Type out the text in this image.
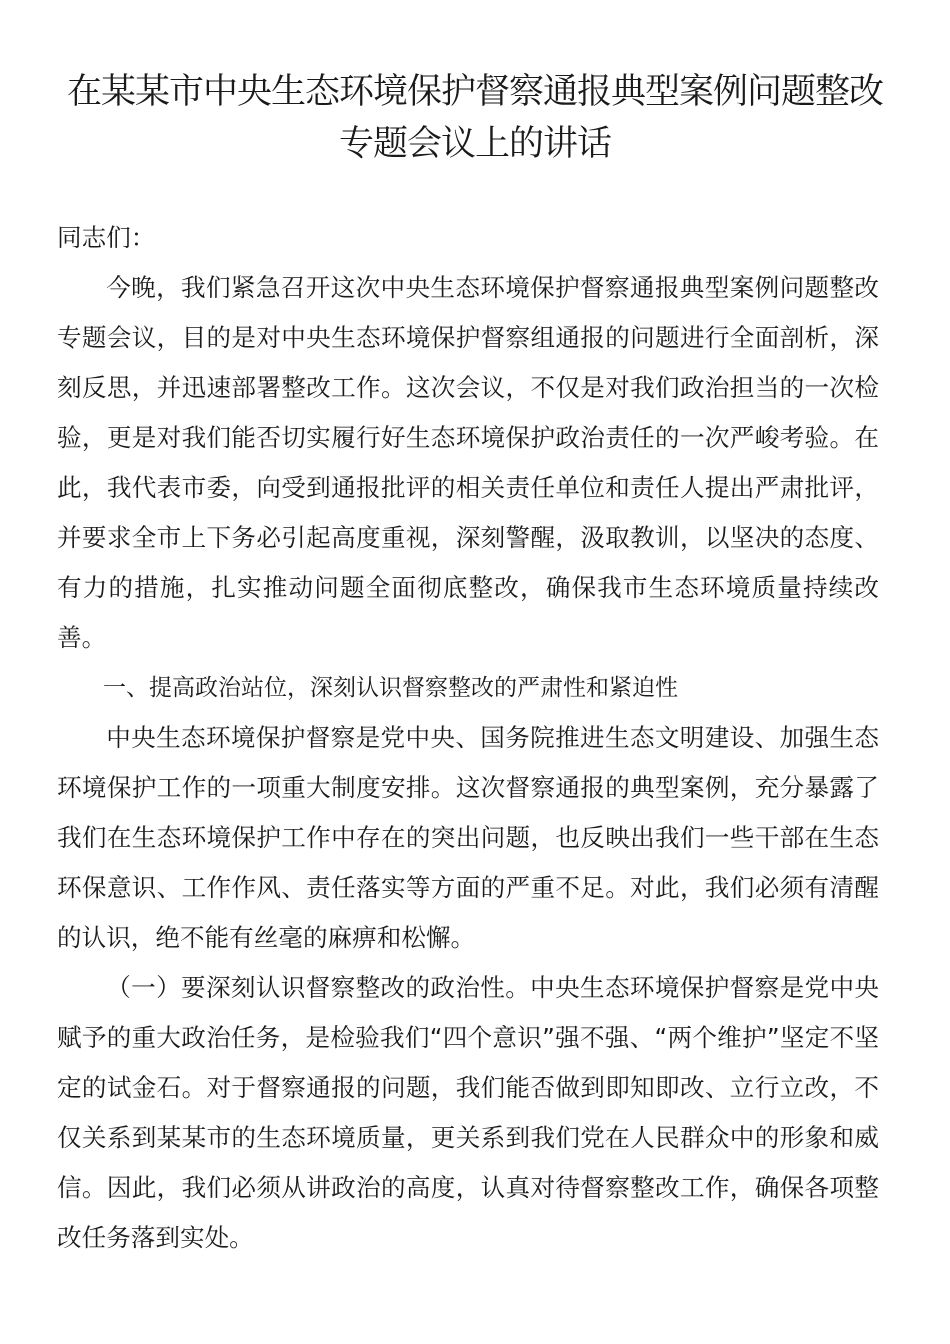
在某某市中央生态环境保护督察通报典型案例问题整改专题会议上的讲话

同志们：

今晚，我们紧急召开这次中央生态环境保护督察通报典型案例问题整改专题会议，目的是对中央生态环境保护督察组通报的问题进行全面剖析，深刻反思，并迅速部署整改工作。这次会议，不仅是对我们政治担当的一次检验，更是对我们能否切实履行好生态环境保护政治责任的一次严峻考验。在此，我代表市委，向受到通报批评的相关责任单位和责任人提出严肃批评，并要求全市上下务必引起高度重视，深刻警醒，汲取教训，以坚决的态度、有力的措施，扎实推动问题全面彻底整改，确保我市生态环境质量持续改善。

一、提高政治站位，深刻认识督察整改的严肃性和紧迫性

中央生态环境保护督察是党中央、国务院推进生态文明建设、加强生态环境保护工作的一项重大制度安排。这次督察通报的典型案例，充分暴露了我们在生态环境保护工作中存在的突出问题，也反映出我们一些干部在生态环保意识、工作作风、责任落实等方面的严重不足。对此，我们必须有清醒的认识，绝不能有丝毫的麻痹和松懈。

（一）要深刻认识督察整改的政治性。中央生态环境保护督察是党中央赋予的重大政治任务，是检验我们“四个意识”强不强、“两个维护”坚定不坚定的试金石。对于督察通报的问题，我们能否做到即知即改、立行立改，不仅关系到某某市的生态环境质量，更关系到我们党在人民群众中的形象和威信。因此，我们必须从讲政治的高度，认真对待督察整改工作，确保各项整改任务落到实处。
